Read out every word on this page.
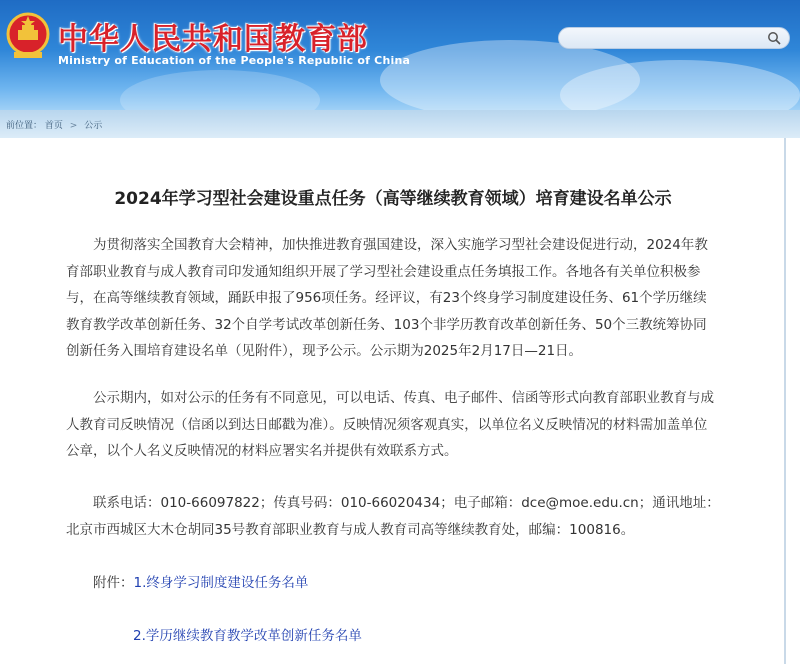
中华人民共和国教育部
Ministry of Education of the People's Republic of China
前位置： 首页 > 公示
2024年学习型社会建设重点任务（高等继续教育领域）培育建设名单公示

为贯彻落实全国教育大会精神，加快推进教育强国建设，深入实施学习型社会建设促进行动，2024年教育部职业教育与成人教育司印发通知组织开展了学习型社会建设重点任务填报工作。各地各有关单位积极参与，在高等继续教育领域，踊跃申报了956项任务。经评议，有23个终身学习制度建设任务、61个学历继续教育教学改革创新任务、32个自学考试改革创新任务、103个非学历教育改革创新任务、50个三教统筹协同创新任务入围培育建设名单（见附件），现予公示。公示期为2025年2月17日—21日。

公示期内，如对公示的任务有不同意见，可以电话、传真、电子邮件、信函等形式向教育部职业教育与成人教育司反映情况（信函以到达日邮戳为准）。反映情况须客观真实，以单位名义反映情况的材料需加盖单位公章，以个人名义反映情况的材料应署实名并提供有效联系方式。

联系电话：010-66097822；传真号码：010-66020434；电子邮箱：dce@moe.edu.cn；通讯地址：北京市西城区大木仓胡同35号教育部职业教育与成人教育司高等继续教育处，邮编：100816。

附件：1.终身学习制度建设任务名单
2.学历继续教育教学改革创新任务名单
